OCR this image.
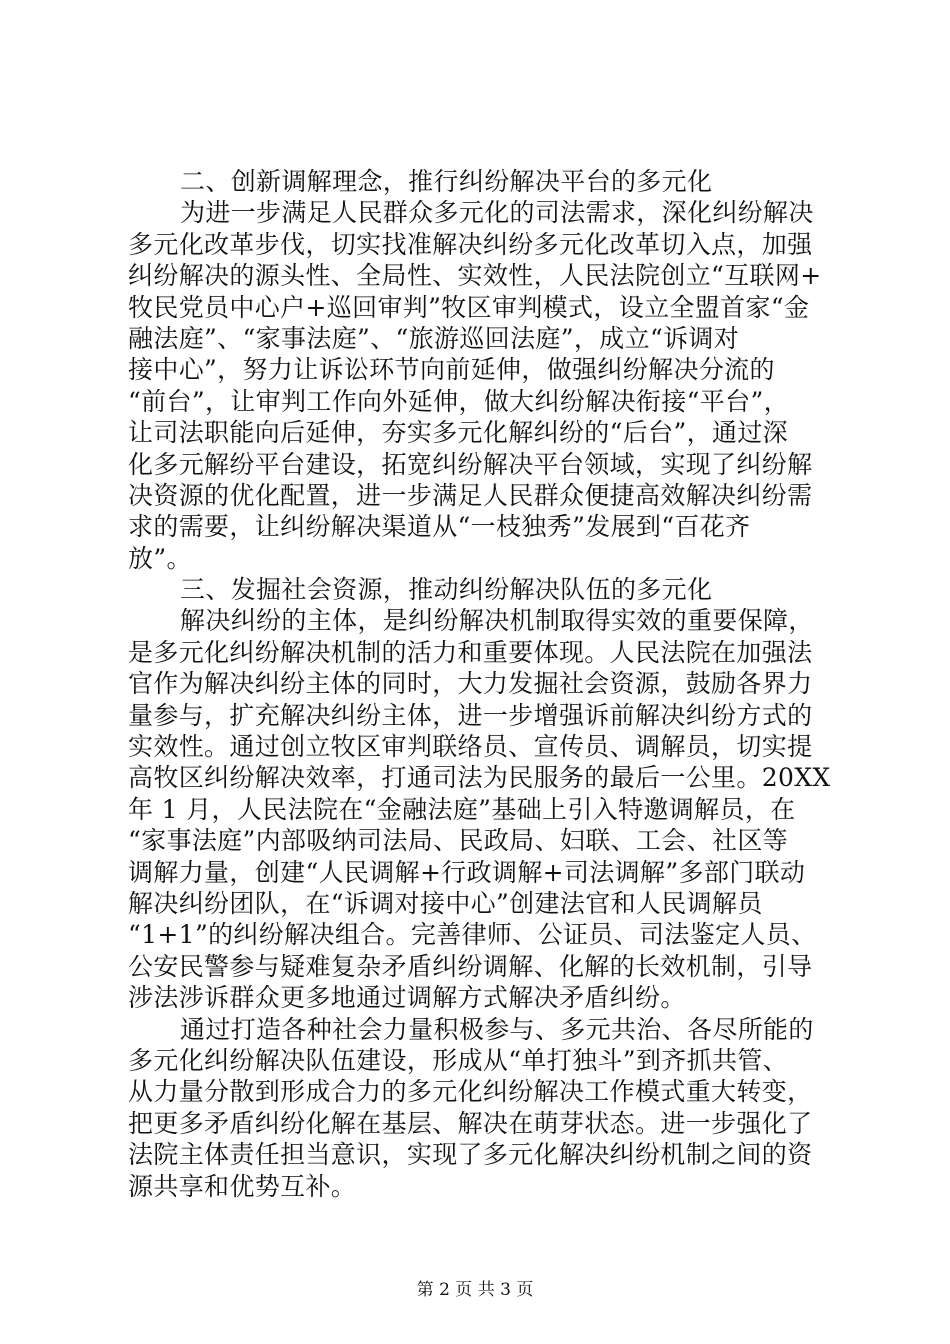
二、创新调解理念，推行纠纷解决平台的多元化
为进一步满足人民群众多元化的司法需求，深化纠纷解决
多元化改革步伐，切实找准解决纠纷多元化改革切入点，加强
纠纷解决的源头性、全局性、实效性，人民法院创立“互联网+
牧民党员中心户+巡回审判”牧区审判模式，设立全盟首家“金
融法庭”、“家事法庭”、“旅游巡回法庭”，成立“诉调对
接中心”，努力让诉讼环节向前延伸，做强纠纷解决分流的
“前台”，让审判工作向外延伸，做大纠纷解决衔接“平台”，
让司法职能向后延伸，夯实多元化解纠纷的“后台”，通过深
化多元解纷平台建设，拓宽纠纷解决平台领域，实现了纠纷解
决资源的优化配置，进一步满足人民群众便捷高效解决纠纷需
求的需要，让纠纷解决渠道从“一枝独秀”发展到“百花齐
放”。
三、发掘社会资源，推动纠纷解决队伍的多元化
解决纠纷的主体，是纠纷解决机制取得实效的重要保障，
是多元化纠纷解决机制的活力和重要体现。人民法院在加强法
官作为解决纠纷主体的同时，大力发掘社会资源，鼓励各界力
量参与，扩充解决纠纷主体，进一步增强诉前解决纠纷方式的
实效性。通过创立牧区审判联络员、宣传员、调解员，切实提
高牧区纠纷解决效率，打通司法为民服务的最后一公里。20XX
年 1 月，人民法院在“金融法庭”基础上引入特邀调解员，在
“家事法庭”内部吸纳司法局、民政局、妇联、工会、社区等
调解力量，创建“人民调解+行政调解+司法调解”多部门联动
解决纠纷团队，在“诉调对接中心”创建法官和人民调解员
“1+1”的纠纷解决组合。完善律师、公证员、司法鉴定人员、
公安民警参与疑难复杂矛盾纠纷调解、化解的长效机制，引导
涉法涉诉群众更多地通过调解方式解决矛盾纠纷。
通过打造各种社会力量积极参与、多元共治、各尽所能的
多元化纠纷解决队伍建设，形成从“单打独斗”到齐抓共管、
从力量分散到形成合力的多元化纠纷解决工作模式重大转变，
把更多矛盾纠纷化解在基层、解决在萌芽状态。进一步强化了
法院主体责任担当意识，实现了多元化解决纠纷机制之间的资
源共享和优势互补。
第 2 页 共 3 页
